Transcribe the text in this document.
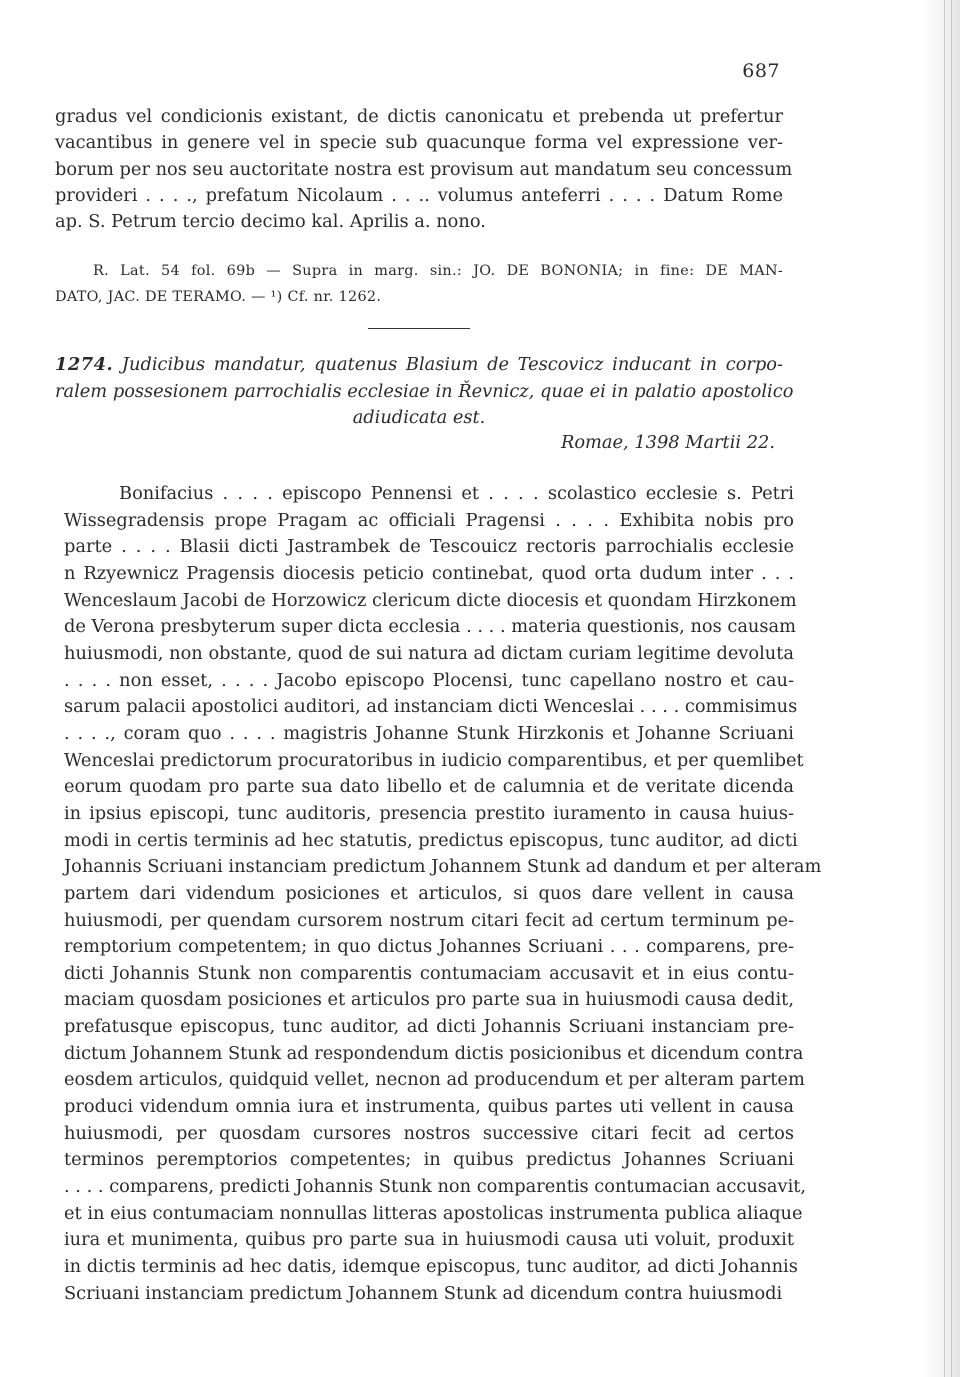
687
gradus vel condicionis existant, de dictis canonicatu et prebenda ut prefertur
vacantibus in genere vel in specie sub quacunque forma vel expressione ver-
borum per nos seu auctoritate nostra est provisum aut mandatum seu concessum
provideri . . . ., prefatum Nicolaum . . .. volumus anteferri . . . . Datum Rome
ap. S. Petrum tercio decimo kal. Aprilis a. nono.
R. Lat. 54 fol. 69b — Supra in marg. sin.: JO. DE BONONIA; in fine: DE MAN-
DATO, JAC. DE TERAMO. — ¹) Cf. nr. 1262.
1274. Judicibus mandatur, quatenus Blasium de Tescovicz inducant in corpo-
ralem possesionem parrochialis ecclesiae in Řevnicz, quae ei in palatio apostolico
adiudicata est.
Romae, 1398 Martii 22.
Bonifacius . . . . episcopo Pennensi et . . . . scolastico ecclesie s. Petri
Wissegradensis prope Pragam ac officiali Pragensi . . . . Exhibita nobis pro
parte . . . . Blasii dicti Jastrambek de Tescouicz rectoris parrochialis ecclesie
n Rzyewnicz Pragensis diocesis peticio continebat, quod orta dudum inter . . .
Wenceslaum Jacobi de Horzowicz clericum dicte diocesis et quondam Hirzkonem
de Verona presbyterum super dicta ecclesia . . . . materia questionis, nos causam
huiusmodi, non obstante, quod de sui natura ad dictam curiam legitime devoluta
. . . . non esset, . . . . Jacobo episcopo Plocensi, tunc capellano nostro et cau-
sarum palacii apostolici auditori, ad instanciam dicti Wenceslai . . . . commisimus
. . . ., coram quo . . . . magistris Johanne Stunk Hirzkonis et Johanne Scriuani
Wenceslai predictorum procuratoribus in iudicio comparentibus, et per quemlibet
eorum quodam pro parte sua dato libello et de calumnia et de veritate dicenda
in ipsius episcopi, tunc auditoris, presencia prestito iuramento in causa huius-
modi in certis terminis ad hec statutis, predictus episcopus, tunc auditor, ad dicti
Johannis Scriuani instanciam predictum Johannem Stunk ad dandum et per alteram
partem dari videndum posiciones et articulos, si quos dare vellent in causa
huiusmodi, per quendam cursorem nostrum citari fecit ad certum terminum pe-
remptorium competentem; in quo dictus Johannes Scriuani . . . comparens, pre-
dicti Johannis Stunk non comparentis contumaciam accusavit et in eius contu-
maciam quosdam posiciones et articulos pro parte sua in huiusmodi causa dedit,
prefatusque episcopus, tunc auditor, ad dicti Johannis Scriuani instanciam pre-
dictum Johannem Stunk ad respondendum dictis posicionibus et dicendum contra
eosdem articulos, quidquid vellet, necnon ad producendum et per alteram partem
produci videndum omnia iura et instrumenta, quibus partes uti vellent in causa
huiusmodi, per quosdam cursores nostros successive citari fecit ad certos
terminos peremptorios competentes; in quibus predictus Johannes Scriuani
. . . . comparens, predicti Johannis Stunk non comparentis contumacian accusavit,
et in eius contumaciam nonnullas litteras apostolicas instrumenta publica aliaque
iura et munimenta, quibus pro parte sua in huiusmodi causa uti voluit, produxit
in dictis terminis ad hec datis, idemque episcopus, tunc auditor, ad dicti Johannis
Scriuani instanciam predictum Johannem Stunk ad dicendum contra huiusmodi
